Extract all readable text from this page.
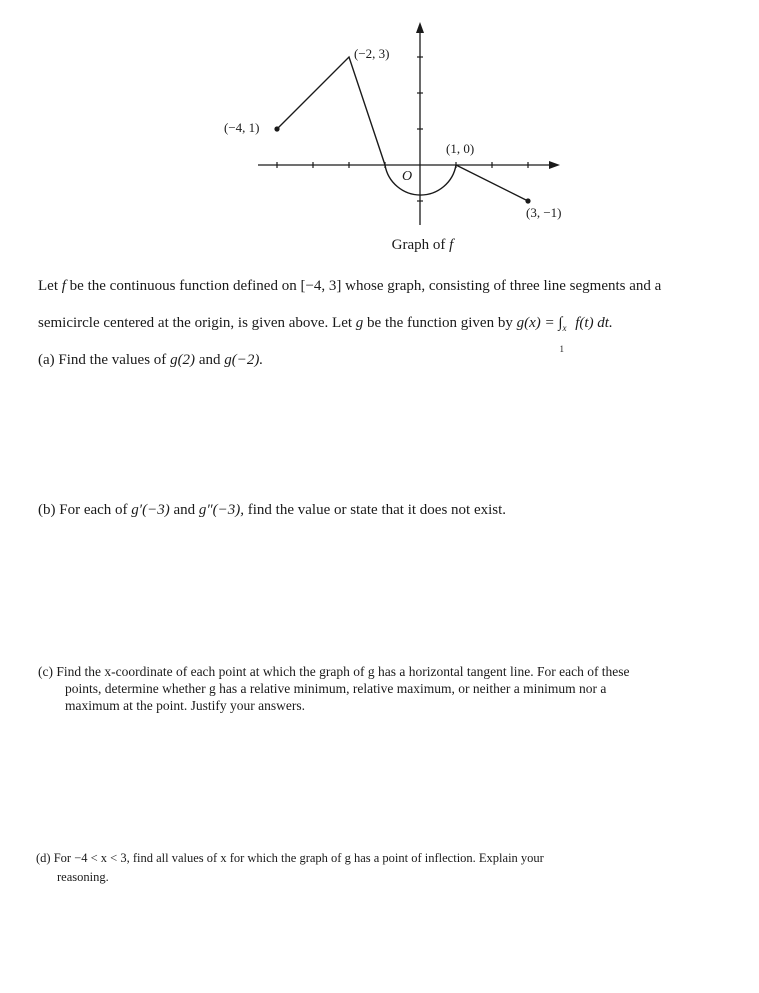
(−2, 3)
(−4, 1)
(1, 0)
(3, −1)
O
Graph of f
Let f be the continuous function defined on [−4, 3] whose graph, consisting of three line segments and a
semicircle centered at the origin, is given above. Let g be the function given by g(x) = ∫ x
1
f(t) dt.
(a) Find the values of g(2) and g(−2).
(b) For each of g′(−3) and g″(−3), find the value or state that it does not exist.
(c) Find the x-coordinate of each point at which the graph of g has a horizontal tangent line. For each of these
points, determine whether g has a relative minimum, relative maximum, or neither a minimum nor a
maximum at the point. Justify your answers.
(d) For −4 < x < 3, find all values of x for which the graph of g has a point of inflection. Explain your
reasoning.
